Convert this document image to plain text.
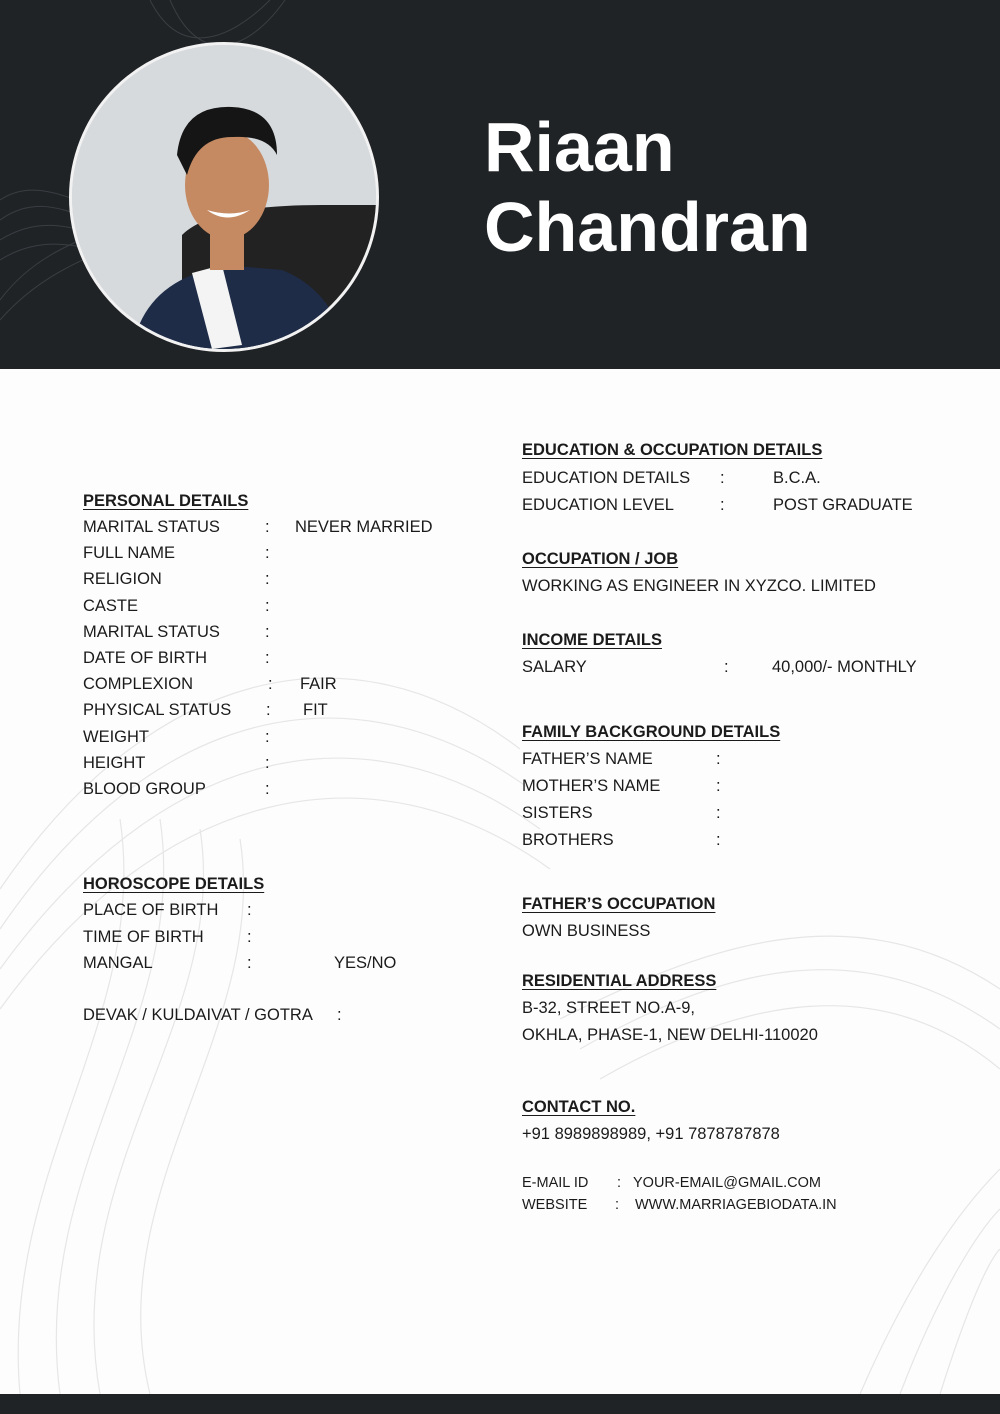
Riaan
Chandran
PERSONAL DETAILS
MARITAL STATUS	: NEVER MARRIED
FULL NAME	:
RELIGION	:
CASTE	:
MARITAL STATUS	:
DATE OF BIRTH	:
COMPLEXION	: FAIR
PHYSICAL STATUS : FIT
WEIGHT	:
HEIGHT	:
BLOOD GROUP	:
HOROSCOPE DETAILS
PLACE OF BIRTH :
TIME OF BIRTH	:
MANGAL	:	YES/NO
DEVAK / KULDAIVAT / GOTRA :
EDUCATION & OCCUPATION DETAILS
EDUCATION DETAILS :	B.C.A.
EDUCATION LEVEL	:	POST GRADUATE
OCCUPATION / JOB
WORKING AS ENGINEER IN XYZCO. LIMITED
INCOME DETAILS
SALARY	:	40,000/- MONTHLY
FAMILY BACKGROUND DETAILS
FATHER’S NAME	:
MOTHER’S NAME	:
SISTERS	:
BROTHERS	:
FATHER’S OCCUPATION
OWN BUSINESS
RESIDENTIAL ADDRESS
B-32, STREET NO.A-9,
OKHLA, PHASE-1, NEW DELHI-110020
CONTACT NO.
+91 8989898989, +91 7878787878
E-MAIL ID : YOUR-EMAIL@GMAIL.COM
WEBSITE : WWW.MARRIAGEBIODATA.IN
